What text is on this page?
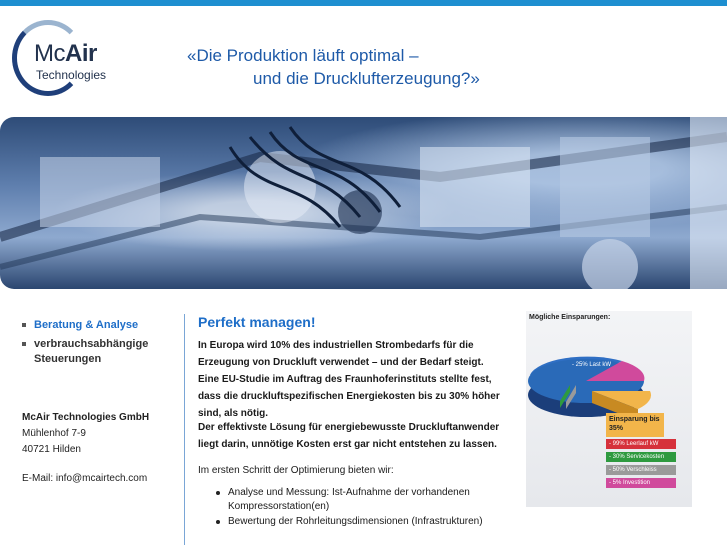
McAir
Technologies
«Die Produktion läuft optimal –
und die Drucklufterzeugung?»
Beratung & Analyse
verbrauchsabhängige Steuerungen
McAir Technologies GmbH
Mühlenhof 7-9
40721 Hilden
E-Mail: info@mcairtech.com
Perfekt managen!
In Europa wird 10% des industriellen Strombedarfs für die Erzeugung von Druckluft verwendet – und der Bedarf steigt. Eine EU-Studie im Auftrag des Fraunhoferinstituts stellte fest, dass die druckluftspezifischen Energiekosten bis zu 30% höher sind, als nötig.
Der effektivste Lösung für energiebewusste Druckluftanwender liegt darin, unnötige Kosten erst gar nicht entstehen zu lassen.
Im ersten Schritt der Optimierung bieten wir:
Analyse und Messung: Ist-Aufnahme der vorhandenen Kompressorstation(en)
Bewertung der Rohrleitungsdimensionen (Infrastrukturen)
Mögliche Einsparungen:
- 25% Last kW
Einsparung bis 35%
- 99% Leerlauf kW
- 30% Servicekosten
- 50% Verschleiss
- 5% Investition
